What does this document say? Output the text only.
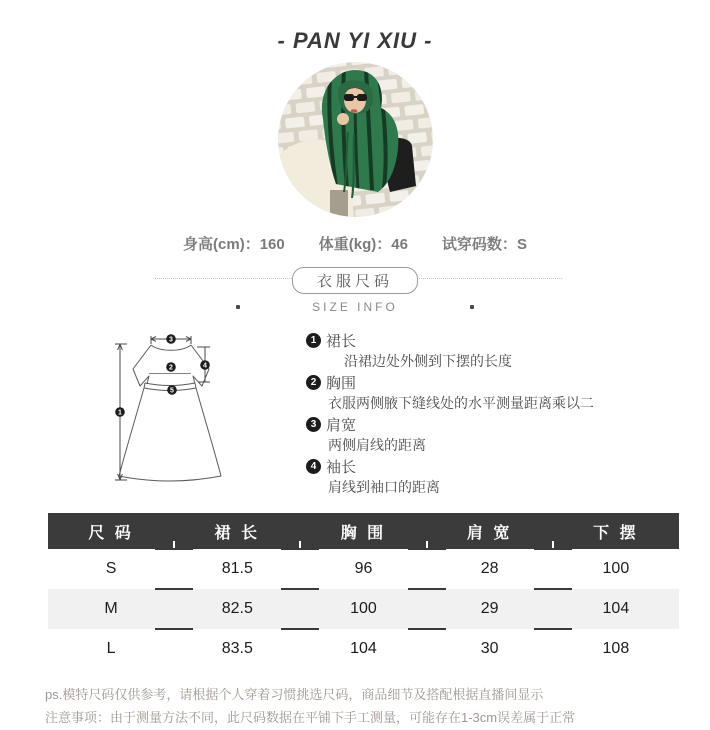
- PAN YI XIU -
身高(cm)：160 体重(kg)：46 试穿码数：S
衣服尺码
SIZE INFO
3
1
2	4
5
1 裙长
沿裙边处外侧到下摆的长度
2 胸围
衣服两侧腋下缝线处的水平测量距离乘以二
3 肩宽
两侧肩线的距离
4 袖长
肩线到袖口的距离
尺 码	裙 长	胸 围	肩 宽	下 摆
S	81.5	96	28	100
M	82.5	100	29	104
L	83.5	104	30	108
ps.模特尺码仅供参考，请根据个人穿着习惯挑选尺码，商品细节及搭配根据直播间显示
注意事项：由于测量方法不同，此尺码数据在平铺下手工测量，可能存在1-3cm误差属于正常
